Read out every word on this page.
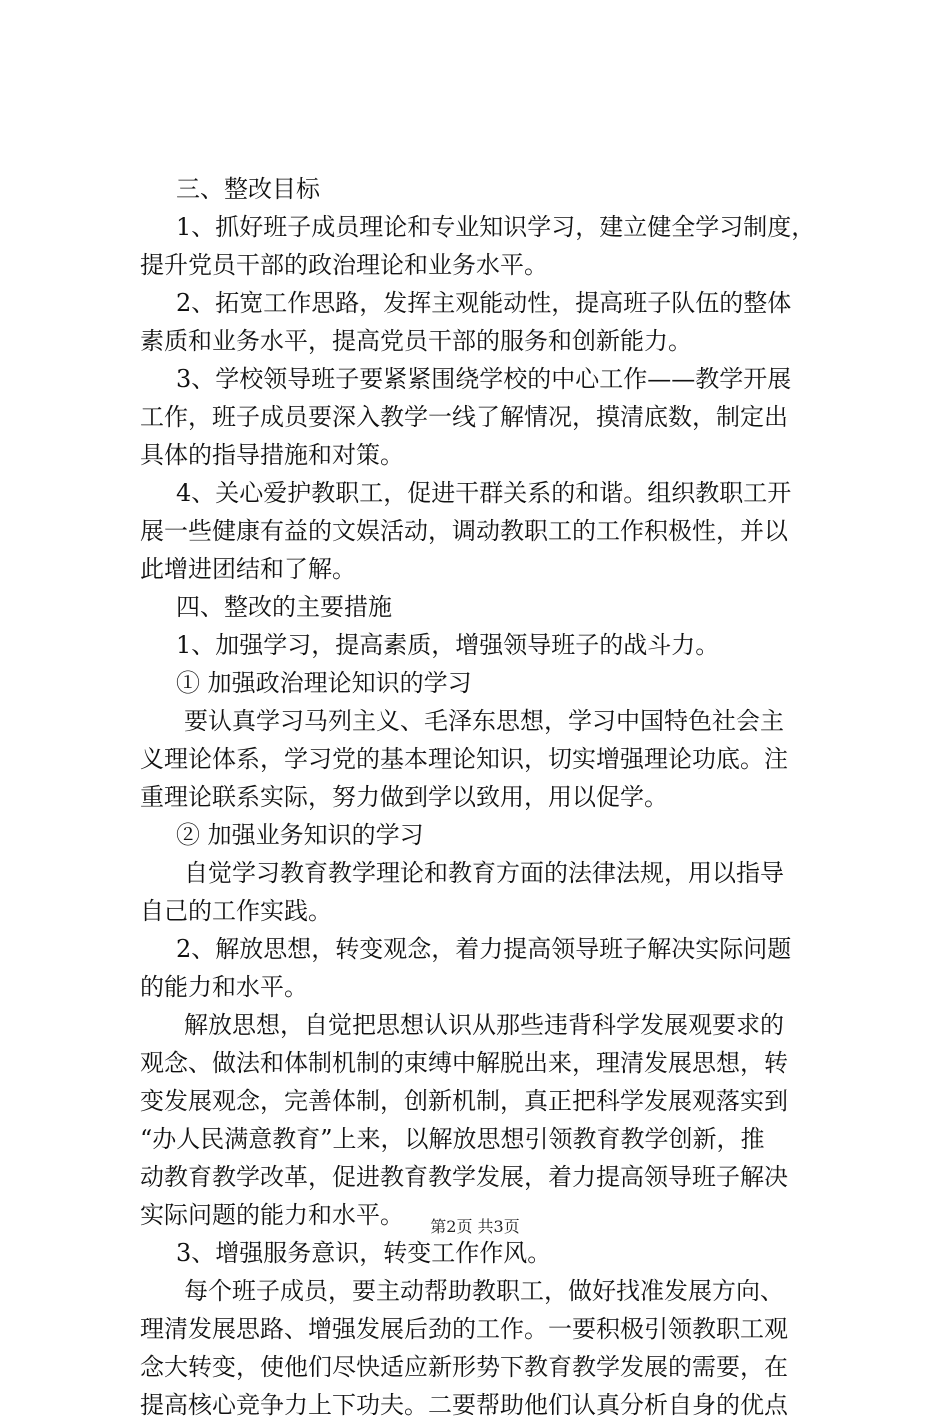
三、整改目标
1、抓好班子成员理论和专业知识学习，建立健全学习制度，
提升党员干部的政治理论和业务水平。
2、拓宽工作思路，发挥主观能动性，提高班子队伍的整体
素质和业务水平，提高党员干部的服务和创新能力。
3、学校领导班子要紧紧围绕学校的中心工作——教学开展
工作，班子成员要深入教学一线了解情况，摸清底数，制定出
具体的指导措施和对策。
4、关心爱护教职工，促进干群关系的和谐。组织教职工开
展一些健康有益的文娱活动，调动教职工的工作积极性，并以
此增进团结和了解。
四、整改的主要措施
1、加强学习，提高素质，增强领导班子的战斗力。
① 加强政治理论知识的学习
要认真学习马列主义、毛泽东思想，学习中国特色社会主
义理论体系，学习党的基本理论知识，切实增强理论功底。注
重理论联系实际，努力做到学以致用，用以促学。
② 加强业务知识的学习
自觉学习教育教学理论和教育方面的法律法规，用以指导
自己的工作实践。
2、解放思想，转变观念，着力提高领导班子解决实际问题
的能力和水平。
解放思想，自觉把思想认识从那些违背科学发展观要求的
观念、做法和体制机制的束缚中解脱出来，理清发展思想，转
变发展观念，完善体制，创新机制，真正把科学发展观落实到
“办人民满意教育”上来，以解放思想引领教育教学创新，推
动教育教学改革，促进教育教学发展，着力提高领导班子解决
实际问题的能力和水平。
3、增强服务意识，转变工作作风。
每个班子成员，要主动帮助教职工，做好找准发展方向、
理清发展思路、增强发展后劲的工作。一要积极引领教职工观
念大转变，使他们尽快适应新形势下教育教学发展的需要，在
提高核心竞争力上下功夫。二要帮助他们认真分析自身的优点
第2页 共3页
